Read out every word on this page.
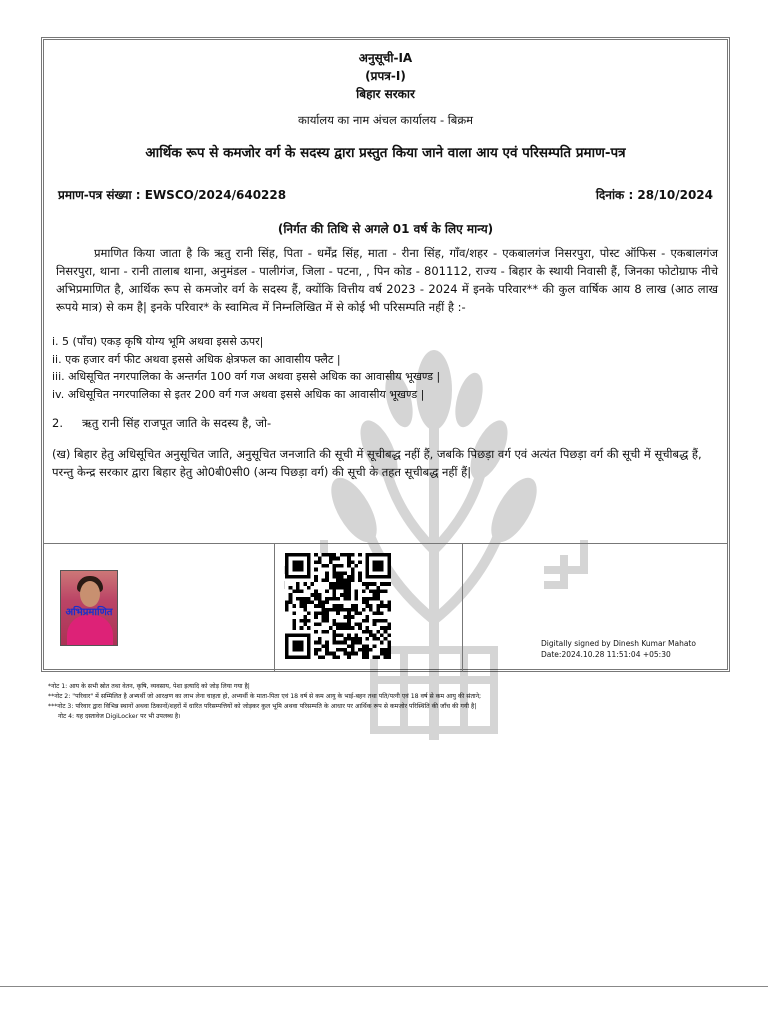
अनुसूची-IA
(प्रपत्र-I)
बिहार सरकार
कार्यालय का नाम अंचल कार्यालय - बिक्रम
आर्थिक रूप से कमजोर वर्ग के सदस्य द्वारा प्रस्तुत किया जाने वाला आय एवं परिसम्पति प्रमाण-पत्र
प्रमाण-पत्र संख्या : EWSCO/2024/640228	दिनांक : 28/10/2024
(निर्गत की तिथि से अगले 01 वर्ष के लिए मान्य)

प्रमाणित किया जाता है कि ऋतु रानी सिंह, पिता - धर्मेंद्र सिंह, माता - रीना सिंह, गाँव/शहर - एकबालगंज निसरपुरा, पोस्ट ऑफिस - एकबालगंज निसरपुरा, थाना - रानी तालाब थाना, अनुमंडल - पालीगंज, जिला - पटना, , पिन कोड - 801112, राज्य - बिहार के स्थायी निवासी हैं, जिनका फोटोग्राफ नीचे अभिप्रमाणित है, आर्थिक रूप से कमजोर वर्ग के सदस्य हैं, क्योंकि वित्तीय वर्ष 2023 - 2024 में इनके परिवार** की कुल वार्षिक आय 8 लाख (आठ लाख रूपये मात्र) से कम है| इनके परिवार* के स्वामित्व में निम्नलिखित में से कोई भी परिसम्पति नहीं है :-

i. 5 (पाँच) एकड़ कृषि योग्य भूमि अथवा इससे ऊपर|
ii. एक हजार वर्ग फीट अथवा इससे अधिक क्षेत्रफल का आवासीय फ्लैट |
iii. अधिसूचित नगरपालिका के अन्तर्गत 100 वर्ग गज अथवा इससे अधिक का आवासीय भूखण्ड |
iv. अधिसूचित नगरपालिका से इतर 200 वर्ग गज अथवा इससे अधिक का आवासीय भूखण्ड |
2. ऋतु रानी सिंह राजपूत जाति के सदस्य है, जो-

(ख) बिहार हेतु अधिसूचित अनुसूचित जाति, अनुसूचित जनजाति की सूची में सूचीबद्ध नहीं हैं, जबकि पिछड़ा वर्ग एवं अत्यंत पिछड़ा वर्ग की सूची में सूचीबद्ध हैं, परन्तु केन्द्र सरकार द्वारा बिहार हेतु ओ0बी0सी0 (अन्य पिछड़ा वर्ग) की सूची के तहत सूचीबद्ध नहीं हैं|

अभिप्रमाणित
Digitally signed by Dinesh Kumar Mahato
Date:2024.10.28 11:51:04 +05:30
*नोट 1: आय के सभी स्रोत तथा वेतन, कृषि, व्यवसाय, पेशा इत्यादि को जोड़ लिया गया है|
**नोट 2: "परिवार" में सम्मिलित है अभ्यर्थी जो आरक्षण का लाभ लेना चाहता हो, अभ्यर्थी के माता-पिता एवं 18 वर्ष से कम आयु के भाई-बहन तथा पति/पत्नी एवं 18 वर्ष से कम आयु की संताने;
***नोट 3: परिवार द्वारा विभिन्न स्थानों अथवा ठिकानों/शहरों में धारित परिसम्पत्तियों को जोड़कर कुल भूमि अथवा परिसम्पति के आधार पर आर्थिक रूप से कमजोर परिस्थिति की जाँच की गयी है|
नोट 4: यह दस्तावेज DigiLocker पर भी उपलब्ध है।
